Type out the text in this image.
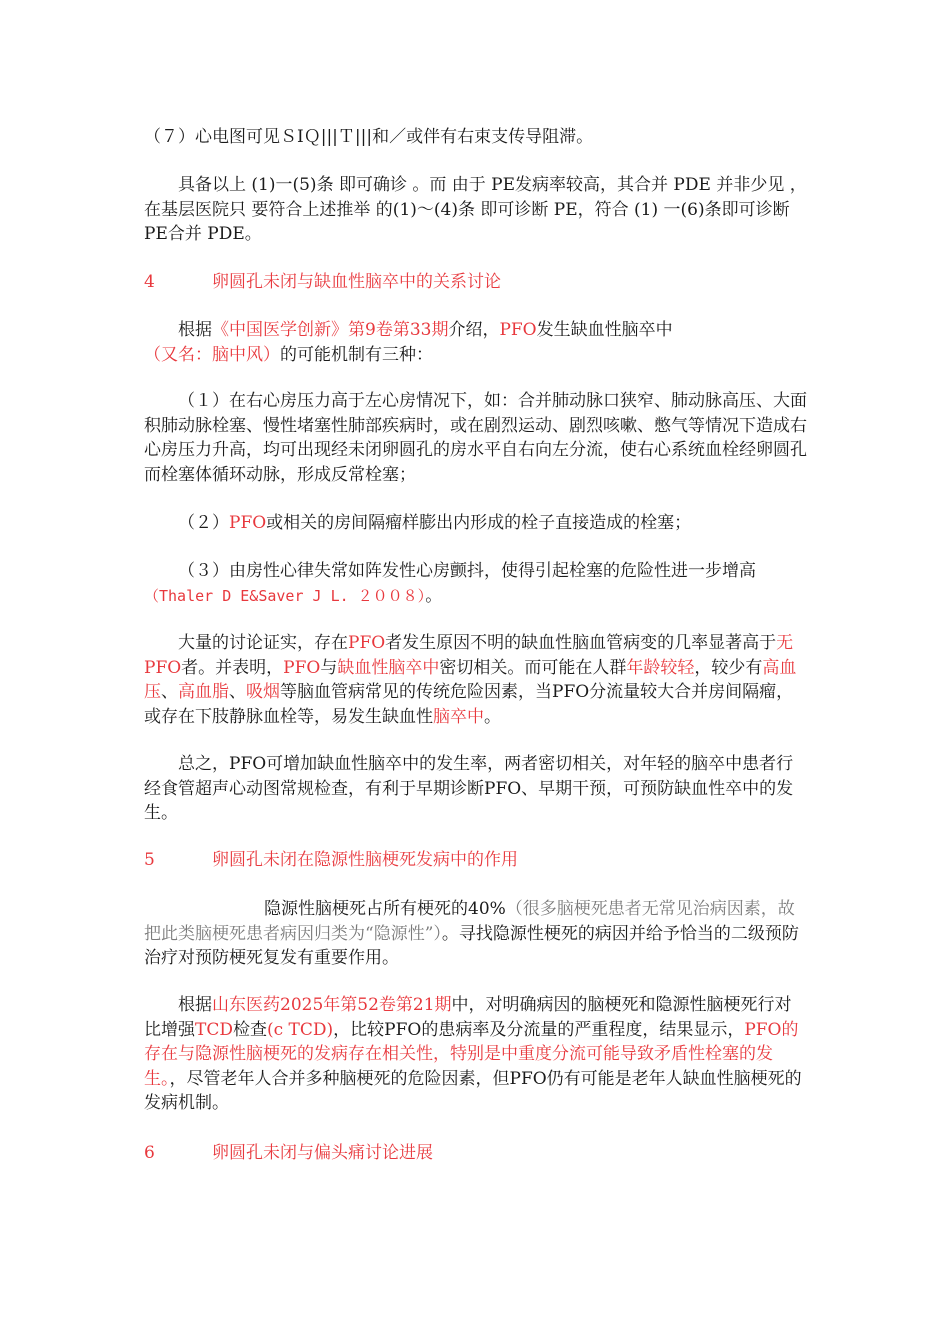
（７）心电图可见ＳⅠＱ|||Ｔ|||和／或伴有右束支传导阻滞。

具备以上 (1)一(5)条 即可确诊 。而 由于 PE发病率较高，其合并 PDE 并非少见 ，在基层医院只 要符合上述推举 的(1)～(4)条 即可诊断 PE，符合 (1) 一(6)条即可诊断 PE合并 PDE。

4	卵圆孔未闭与缺血性脑卒中的关系讨论

根据《中国医学创新》第9卷第33期介绍，PFO发生缺血性脑卒中（又名：脑中风）的可能机制有三种：

（１）在右心房压力高于左心房情况下，如：合并肺动脉口狭窄、肺动脉高压、大面积肺动脉栓塞、慢性堵塞性肺部疾病时，或在剧烈运动、剧烈咳嗽、憋气等情况下造成右心房压力升高，均可出现经未闭卵圆孔的房水平自右向左分流，使右心系统血栓经卵圆孔而栓塞体循环动脉，形成反常栓塞；

（２）PFO或相关的房间隔瘤样膨出内形成的栓子直接造成的栓塞；

（３）由房性心律失常如阵发性心房颤抖，使得引起栓塞的危险性进一步增高（Thaler D E&Saver J L. ２００８）。

大量的讨论证实，存在PFO者发生原因不明的缺血性脑血管病变的几率显著高于无PFO者。并表明，PFO与缺血性脑卒中密切相关。而可能在人群年龄较轻，较少有高血压、高血脂、吸烟等脑血管病常见的传统危险因素，当PFO分流量较大合并房间隔瘤，或存在下肢静脉血栓等，易发生缺血性脑卒中。

总之，PFO可增加缺血性脑卒中的发生率，两者密切相关，对年轻的脑卒中患者行经食管超声心动图常规检查，有利于早期诊断PFO、早期干预，可预防缺血性卒中的发生。

5	卵圆孔未闭在隐源性脑梗死发病中的作用

隐源性脑梗死占所有梗死的40%（很多脑梗死患者无常见治病因素，故把此类脑梗死患者病因归类为“隐源性”）。寻找隐源性梗死的病因并给予恰当的二级预防治疗对预防梗死复发有重要作用。

根据山东医药2025年第52卷第21期中，对明确病因的脑梗死和隐源性脑梗死行对比增强TCD检查(c TCD)，比较PFO的患病率及分流量的严重程度，结果显示，PFO的存在与隐源性脑梗死的发病存在相关性，特别是中重度分流可能导致矛盾性栓塞的发生。，尽管老年人合并多种脑梗死的危险因素，但PFO仍有可能是老年人缺血性脑梗死的发病机制。

6	卵圆孔未闭与偏头痛讨论进展
